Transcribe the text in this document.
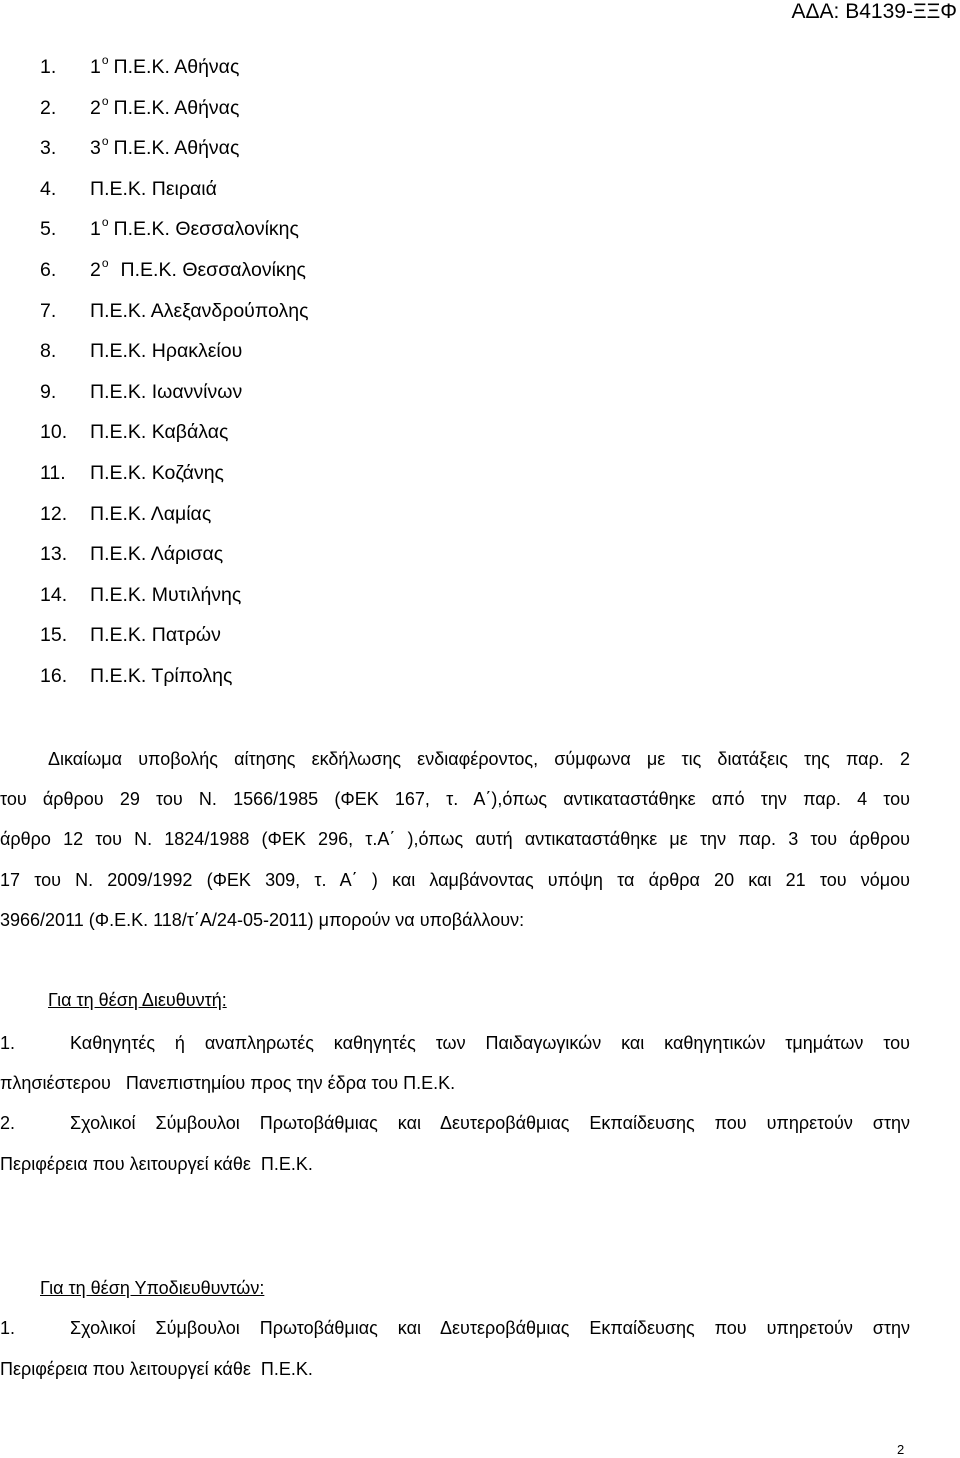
ΑΔΑ: Β4139-ΞΞΦ
1. $1^o$ Π.Ε.Κ. Αθήνας
2. $2^o$ Π.Ε.Κ. Αθήνας
3. $3^o$ Π.Ε.Κ. Αθήνας
4. Π.Ε.Κ. Πειραιά
5. $1^o$ Π.Ε.Κ. Θεσσαλονίκης
6. $2^o$ Π.Ε.Κ. Θεσσαλονίκης
7. Π.Ε.Κ. Αλεξανδρούπολης
8. Π.Ε.Κ. Ηρακλείου
9. Π.Ε.Κ. Ιωαννίνων
10. Π.Ε.Κ. Καβάλας
11. Π.Ε.Κ. Κοζάνης
12. Π.Ε.Κ. Λαμίας
13. Π.Ε.Κ. Λάρισας
14. Π.Ε.Κ. Μυτιλήνης
15. Π.Ε.Κ. Πατρών
16. Π.Ε.Κ. Τρίπολης
Δικαίωμα υποβολής αίτησης εκδήλωσης ενδιαφέροντος, σύμφωνα με τις διατάξεις της παρ. 2
του άρθρου 29 του Ν. 1566/1985 (ΦΕΚ 167, τ. Α΄),όπως αντικαταστάθηκε από την παρ. 4 του
άρθρο 12 του Ν. 1824/1988 (ΦΕΚ 296, τ.Α΄ ),όπως αυτή αντικαταστάθηκε με την παρ. 3 του άρθρου
17 του Ν. 2009/1992 (ΦΕΚ 309, τ. Α΄ ) και λαμβάνοντας υπόψη τα άρθρα 20 και 21 του νόμου
3966/2011 (Φ.Ε.Κ. 118/τ΄Α/24-05-2011) μπορούν να υποβάλλουν:
Για τη θέση Διευθυντή:
1.	Καθηγητές ή αναπληρωτές καθηγητές των Παιδαγωγικών και καθηγητικών τμημάτων του
πλησιέστερου   Πανεπιστημίου προς την έδρα του Π.Ε.Κ.
2.	Σχολικοί Σύμβουλοι Πρωτοβάθμιας και Δευτεροβάθμιας Εκπαίδευσης που υπηρετούν στην
Περιφέρεια που λειτουργεί κάθε  Π.Ε.Κ.
Για τη θέση Υποδιευθυντών:
1.	Σχολικοί Σύμβουλοι Πρωτοβάθμιας και Δευτεροβάθμιας Εκπαίδευσης που υπηρετούν στην
Περιφέρεια που λειτουργεί κάθε  Π.Ε.Κ.
2
